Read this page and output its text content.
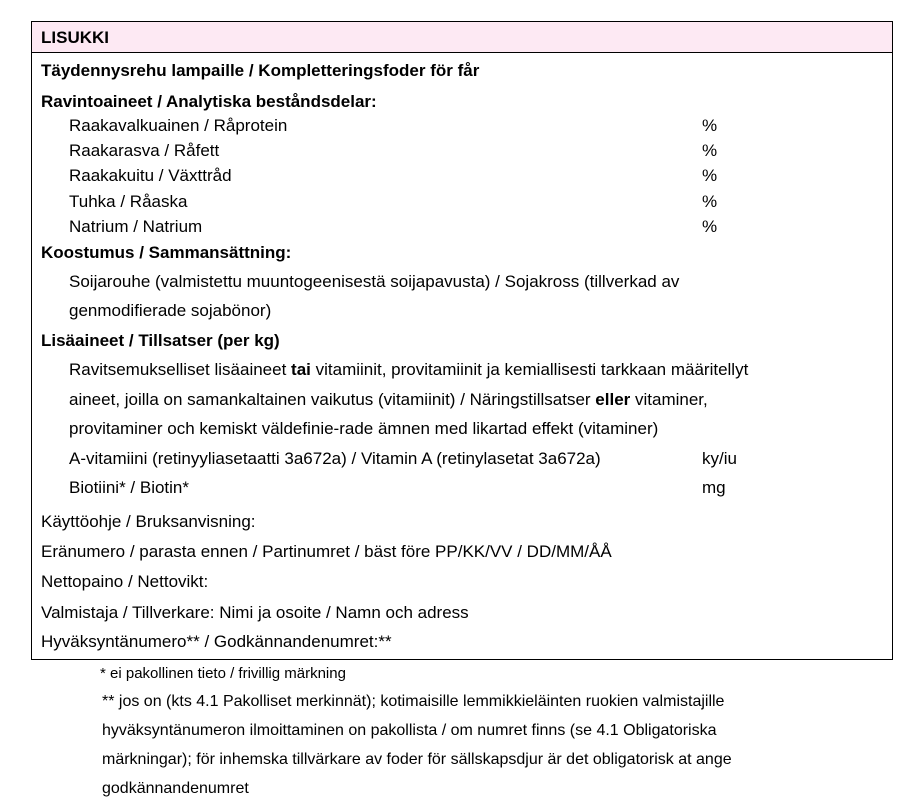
LISUKKI
Täydennysrehu lampaille / Kompletteringsfoder för får
Ravintoaineet / Analytiska beståndsdelar:
Raakavalkuainen / Råprotein	%
Raakarasva / Råfett	%
Raakakuitu / Växttråd	%
Tuhka / Råaska	%
Natrium / Natrium	%
Koostumus / Sammansättning:
Soijarouhe (valmistettu muuntogeenisestä soijapavusta) / Sojakross (tillverkad av
genmodifierade sojabönor)
Lisäaineet / Tillsatser (per kg)
Ravitsemukselliset lisäaineet tai vitamiinit, provitamiinit ja kemiallisesti tarkkaan määritellyt
aineet, joilla on samankaltainen vaikutus (vitamiinit) / Näringstillsatser eller vitaminer,
provitaminer och kemiskt väldefinie-rade ämnen med likartad effekt (vitaminer)
A-vitamiini (retinyyliasetaatti 3a672a) / Vitamin A (retinylasetat 3a672a)	ky/iu
Biotiini* / Biotin*	mg
Käyttöohje / Bruksanvisning:
Eränumero / parasta ennen / Partinumret / bäst före PP/KK/VV / DD/MM/ÅÅ
Nettopaino / Nettovikt:
Valmistaja / Tillverkare: Nimi ja osoite / Namn och adress
Hyväksyntänumero** / Godkännandenumret:**
* ei pakollinen tieto / frivillig märkning
** jos on (kts 4.1 Pakolliset merkinnät); kotimaisille lemmikkieläinten ruokien valmistajille
hyväksyntänumeron ilmoittaminen on pakollista / om numret finns (se 4.1 Obligatoriska
märkningar); för inhemska tillvärkare av foder för sällskapsdjur är det obligatorisk at ange
godkännandenumret
